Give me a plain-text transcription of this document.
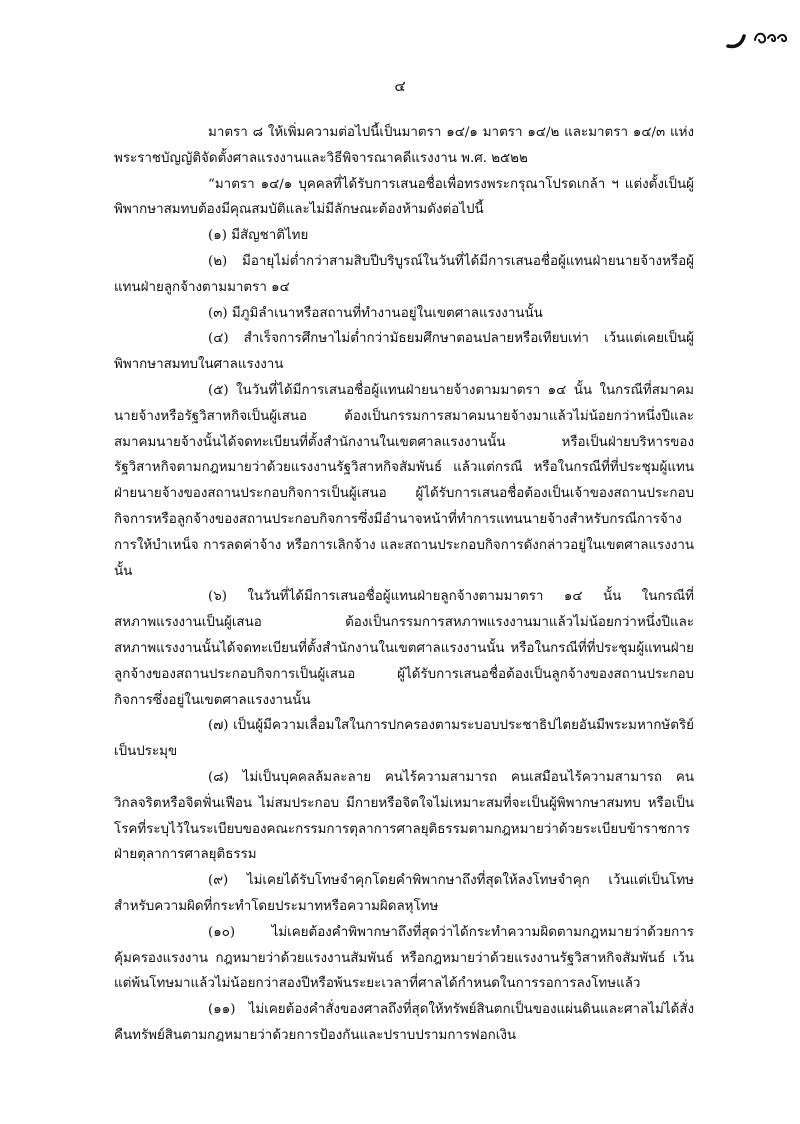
๔

มาตรา ๘ ให้เพิ่มความต่อไปนี้เป็นมาตรา ๑๔/๑ มาตรา ๑๔/๒ และมาตรา ๑๔/๓ แห่งพระราชบัญญัติจัดตั้งศาลแรงงานและวิธีพิจารณาคดีแรงงาน พ.ศ. ๒๕๒๒

“มาตรา ๑๔/๑ บุคคลที่ได้รับการเสนอชื่อเพื่อทรงพระกรุณาโปรดเกล้า ฯ แต่งตั้งเป็นผู้พิพากษาสมทบต้องมีคุณสมบัติและไม่มีลักษณะต้องห้ามดังต่อไปนี้

(๑) มีสัญชาติไทย

(๒) มีอายุไม่ต่ำกว่าสามสิบปีบริบูรณ์ในวันที่ได้มีการเสนอชื่อผู้แทนฝ่ายนายจ้างหรือผู้แทนฝ่ายลูกจ้างตามมาตรา ๑๔

(๓) มีภูมิลำเนาหรือสถานที่ทำงานอยู่ในเขตศาลแรงงานนั้น

(๔) สำเร็จการศึกษาไม่ต่ำกว่ามัธยมศึกษาตอนปลายหรือเทียบเท่า เว้นแต่เคยเป็นผู้พิพากษาสมทบในศาลแรงงาน

(๕) ในวันที่ได้มีการเสนอชื่อผู้แทนฝ่ายนายจ้างตามมาตรา ๑๔ นั้น ในกรณีที่สมาคมนายจ้างหรือรัฐวิสาหกิจเป็นผู้เสนอ ต้องเป็นกรรมการสมาคมนายจ้างมาแล้วไม่น้อยกว่าหนึ่งปีและสมาคมนายจ้างนั้นได้จดทะเบียนที่ตั้งสำนักงานในเขตศาลแรงงานนั้น หรือเป็นฝ่ายบริหารของรัฐวิสาหกิจตามกฎหมายว่าด้วยแรงงานรัฐวิสาหกิจสัมพันธ์ แล้วแต่กรณี หรือในกรณีที่ที่ประชุมผู้แทนฝ่ายนายจ้างของสถานประกอบกิจการเป็นผู้เสนอ ผู้ได้รับการเสนอชื่อต้องเป็นเจ้าของสถานประกอบกิจการหรือลูกจ้างของสถานประกอบกิจการซึ่งมีอำนาจหน้าที่ทำการแทนนายจ้างสำหรับกรณีการจ้าง การให้บำเหน็จ การลดค่าจ้าง หรือการเลิกจ้าง และสถานประกอบกิจการดังกล่าวอยู่ในเขตศาลแรงงานนั้น

(๖) ในวันที่ได้มีการเสนอชื่อผู้แทนฝ่ายลูกจ้างตามมาตรา ๑๔ นั้น ในกรณีที่สหภาพแรงงานเป็นผู้เสนอ ต้องเป็นกรรมการสหภาพแรงงานมาแล้วไม่น้อยกว่าหนึ่งปีและสหภาพแรงงานนั้นได้จดทะเบียนที่ตั้งสำนักงานในเขตศาลแรงงานนั้น หรือในกรณีที่ที่ประชุมผู้แทนฝ่ายลูกจ้างของสถานประกอบกิจการเป็นผู้เสนอ ผู้ได้รับการเสนอชื่อต้องเป็นลูกจ้างของสถานประกอบกิจการซึ่งอยู่ในเขตศาลแรงงานนั้น

(๗) เป็นผู้มีความเลื่อมใสในการปกครองตามระบอบประชาธิปไตยอันมีพระมหากษัตริย์เป็นประมุข

(๘) ไม่เป็นบุคคลล้มละลาย คนไร้ความสามารถ คนเสมือนไร้ความสามารถ คนวิกลจริตหรือจิตฟั่นเฟือน ไม่สมประกอบ มีกายหรือจิตใจไม่เหมาะสมที่จะเป็นผู้พิพากษาสมทบ หรือเป็นโรคที่ระบุไว้ในระเบียบของคณะกรรมการตุลาการศาลยุติธรรมตามกฎหมายว่าด้วยระเบียบข้าราชการฝ่ายตุลาการศาลยุติธรรม

(๙) ไม่เคยได้รับโทษจำคุกโดยคำพิพากษาถึงที่สุดให้ลงโทษจำคุก เว้นแต่เป็นโทษสำหรับความผิดที่กระทำโดยประมาทหรือความผิดลหุโทษ

(๑๐) ไม่เคยต้องคำพิพากษาถึงที่สุดว่าได้กระทำความผิดตามกฎหมายว่าด้วยการคุ้มครองแรงงาน กฎหมายว่าด้วยแรงงานสัมพันธ์ หรือกฎหมายว่าด้วยแรงงานรัฐวิสาหกิจสัมพันธ์ เว้นแต่พ้นโทษมาแล้วไม่น้อยกว่าสองปีหรือพ้นระยะเวลาที่ศาลได้กำหนดในการรอการลงโทษแล้ว

(๑๑) ไม่เคยต้องคำสั่งของศาลถึงที่สุดให้ทรัพย์สินตกเป็นของแผ่นดินและศาลไม่ได้สั่งคืนทรัพย์สินตามกฎหมายว่าด้วยการป้องกันและปราบปรามการฟอกเงิน
